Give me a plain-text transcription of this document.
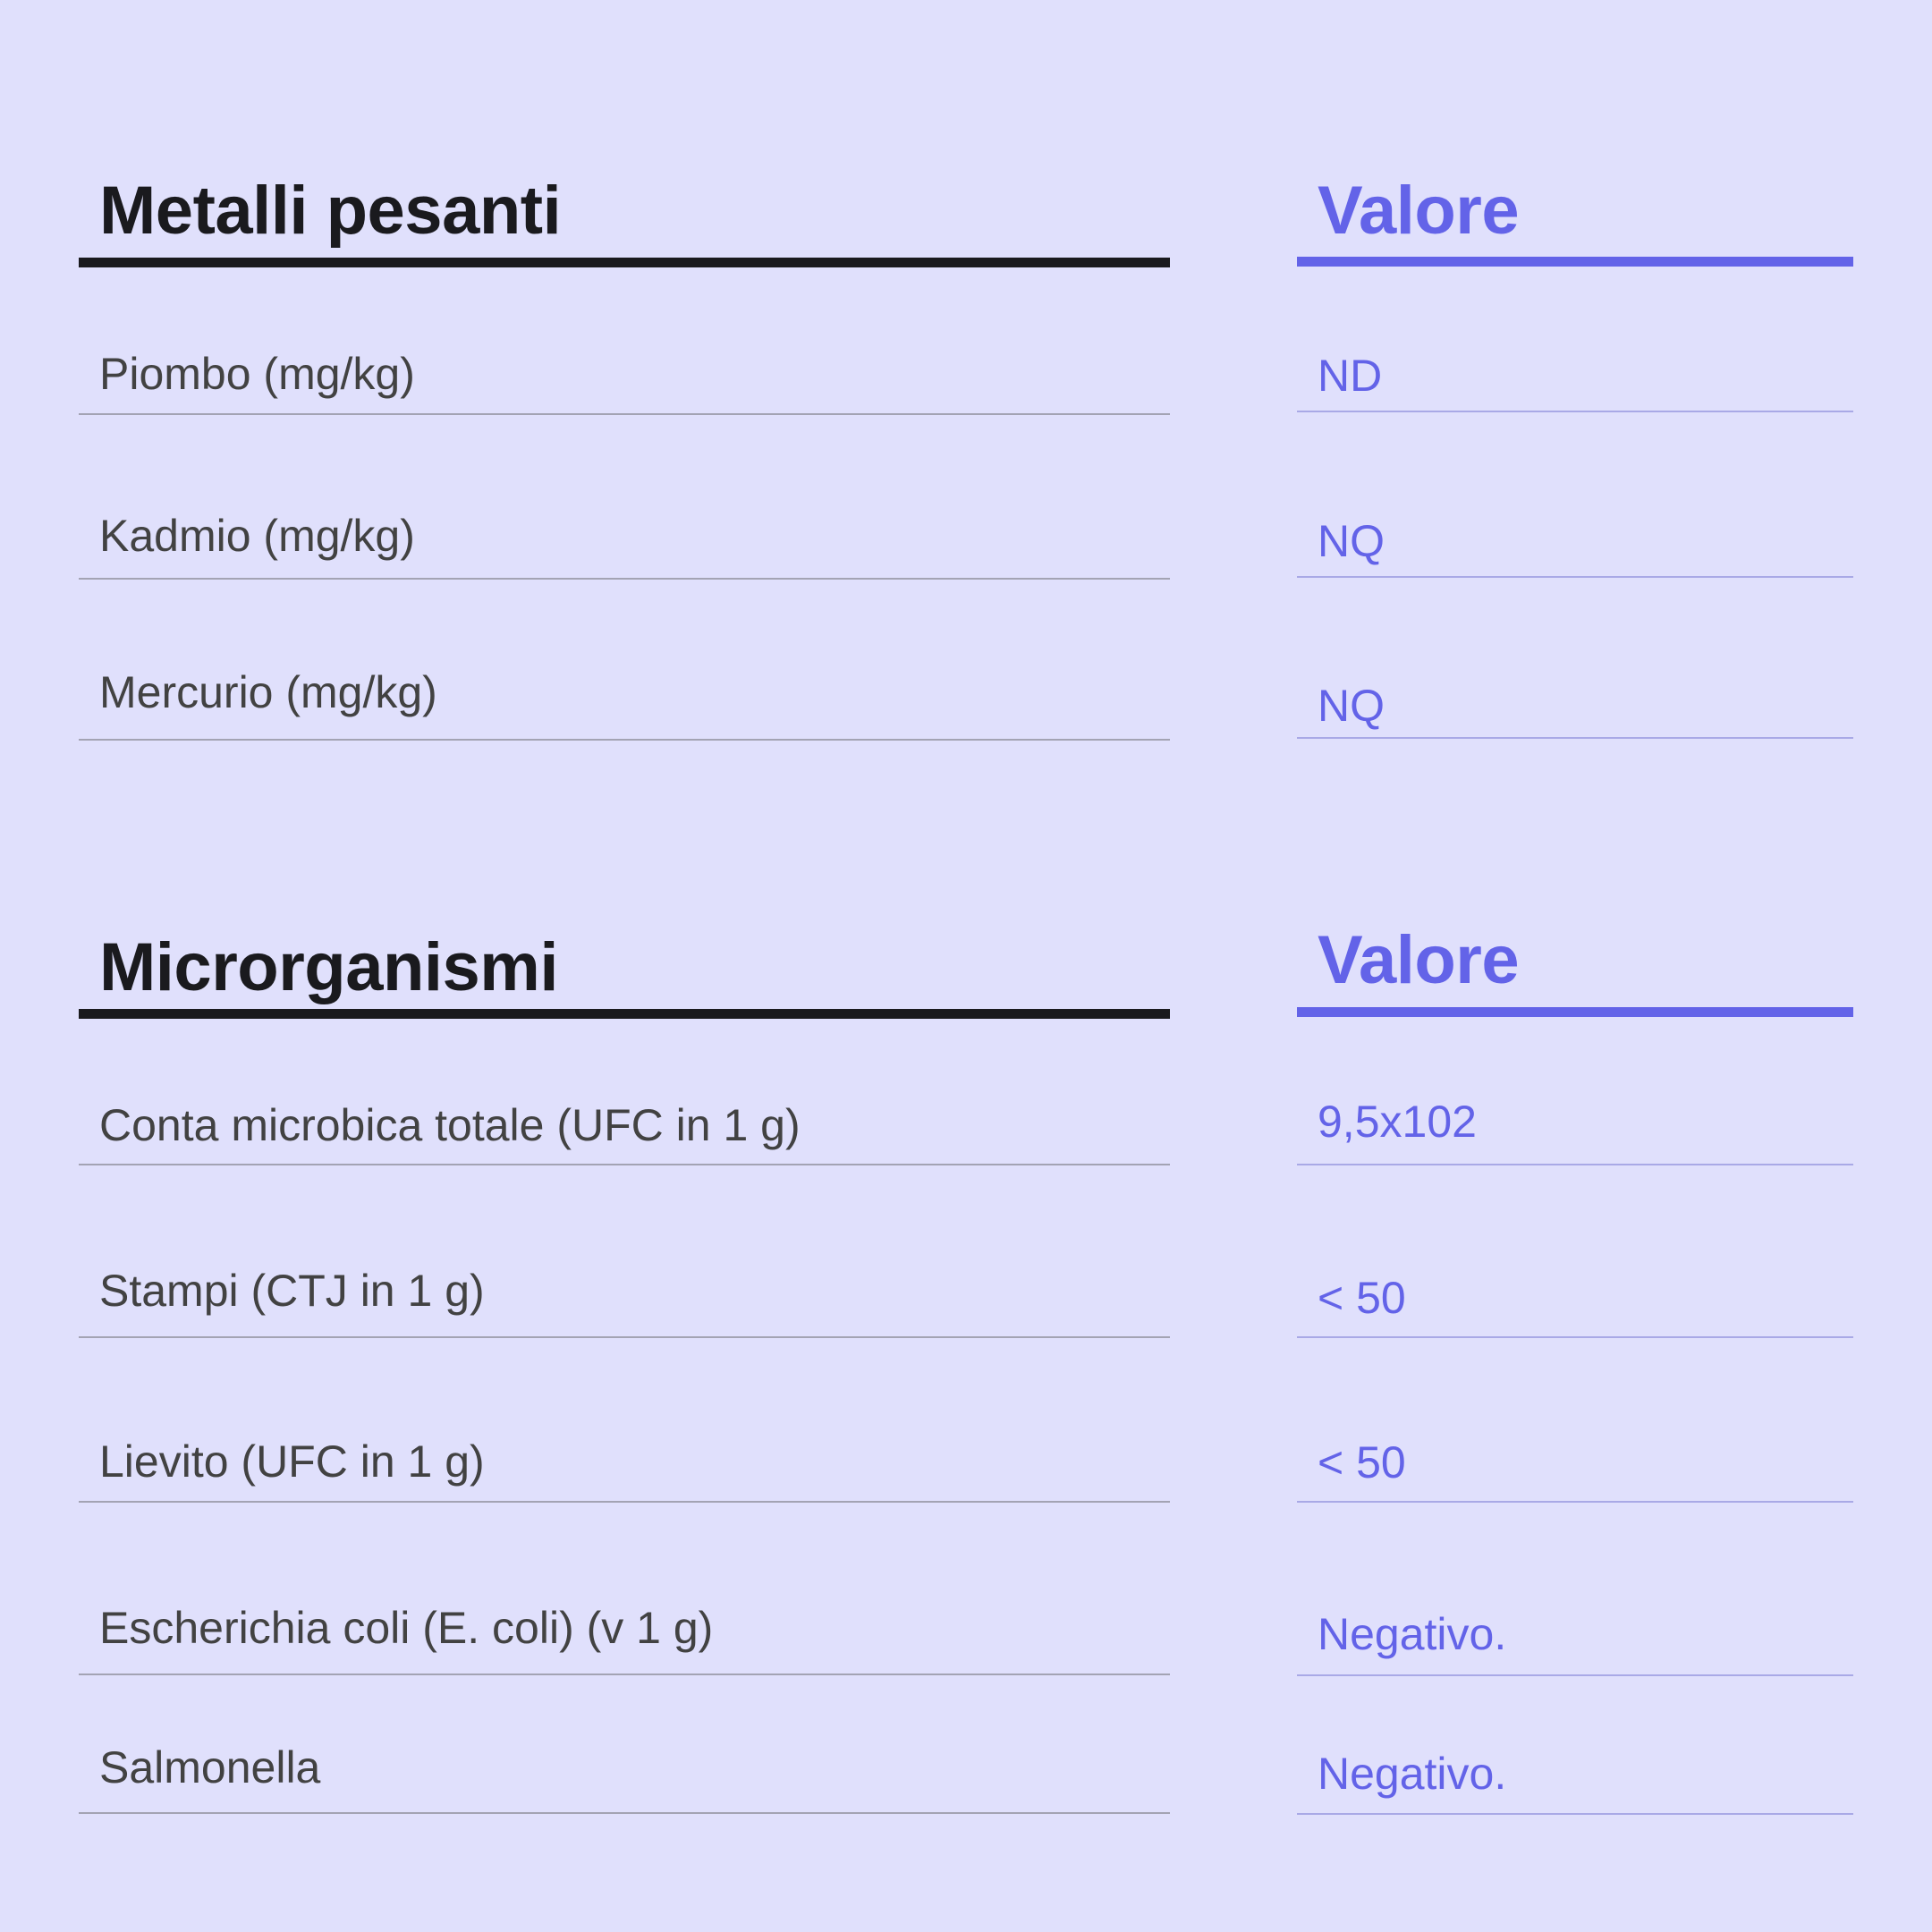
Metalli pesanti	Valore
Piombo (mg/kg)	ND
Kadmio (mg/kg)	NQ
Mercurio (mg/kg)	NQ
Microrganismi	Valore
Conta microbica totale (UFC in 1 g)	9,5x102
Stampi (CTJ in 1 g)	< 50
Lievito (UFC in 1 g)	< 50
Escherichia coli (E. coli) (v 1 g)	Negativo.
Salmonella	Negativo.
